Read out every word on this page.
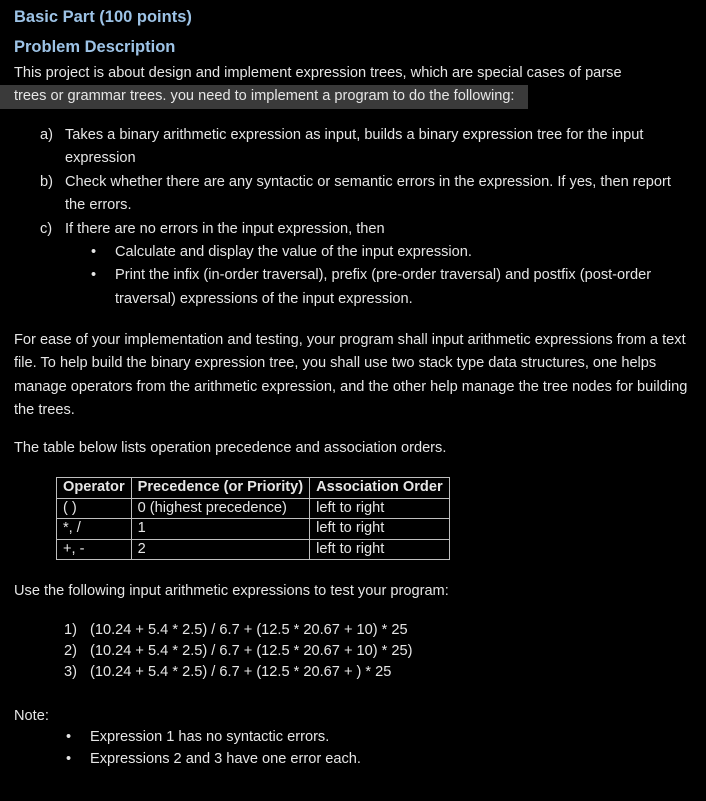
Basic Part (100 points)
Problem Description
This project is about design and implement expression trees, which are special cases of parse
trees or grammar trees. you need to implement a program to do the following:
a) Takes a binary arithmetic expression as input, builds a binary expression tree for the input expression
b) Check whether there are any syntactic or semantic errors in the expression. If yes, then report the errors.
c) If there are no errors in the input expression, then
• Calculate and display the value of the input expression.
• Print the infix (in-order traversal), prefix (pre-order traversal) and postfix (post-order traversal) expressions of the input expression.
For ease of your implementation and testing, your program shall input arithmetic expressions from a text file. To help build the binary expression tree, you shall use two stack type data structures, one helps manage operators from the arithmetic expression, and the other help manage the tree nodes for building the trees.
The table below lists operation precedence and association orders.
Operator	Precedence (or Priority)	Association Order
( )	0 (highest precedence)	left to right
*, /	1	left to right
+, -	2	left to right
Use the following input arithmetic expressions to test your program:
1) (10.24 + 5.4 * 2.5) / 6.7 + (12.5 * 20.67 + 10) * 25
2) (10.24 + 5.4 * 2.5) / 6.7 + (12.5 * 20.67 + 10) * 25)
3) (10.24 + 5.4 * 2.5) / 6.7 + (12.5 * 20.67 + ) * 25
Note:
• Expression 1 has no syntactic errors.
• Expressions 2 and 3 have one error each.
